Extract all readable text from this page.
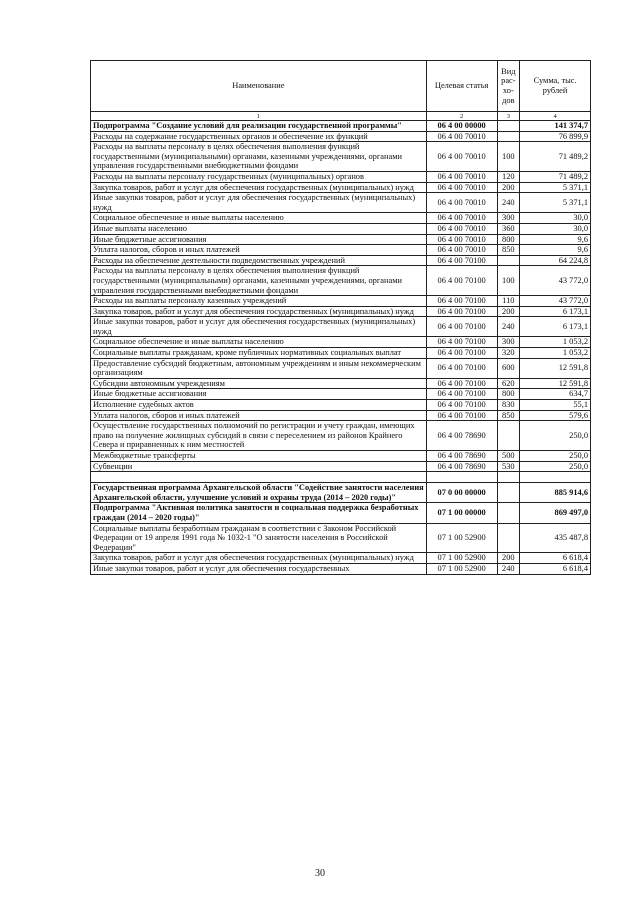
Наименование	Целевая статья	Вид рас-хо-дов	Сумма, тыс. рублей
1	2	3	4
Подпрограмма "Создание условий для реализации государственной программы"	06 4 00 00000		141 374,7
Расходы на содержание государственных органов и обеспечение их функций	06 4 00 70010		76 899,9
Расходы на выплаты персоналу в целях обеспечения выполнения функций государственными (муниципальными) органами, казенными учреждениями, органами управления государственными внебюджетными фондами	06 4 00 70010	100	71 489,2
Расходы на выплаты персоналу государственных (муниципальных) органов	06 4 00 70010	120	71 489,2
Закупка товаров, работ и услуг для обеспечения государственных (муниципальных) нужд	06 4 00 70010	200	5 371,1
Иные закупки товаров, работ и услуг для обеспечения государственных (муниципальных) нужд	06 4 00 70010	240	5 371,1
Социальное обеспечение и иные выплаты населению	06 4 00 70010	300	30,0
Иные выплаты населению	06 4 00 70010	360	30,0
Иные бюджетные ассигнования	06 4 00 70010	800	9,6
Уплата налогов, сборов и иных платежей	06 4 00 70010	850	9,6
Расходы на обеспечение деятельности подведомственных учреждений	06 4 00 70100		64 224,8
Расходы на выплаты персоналу в целях обеспечения выполнения функций государственными (муниципальными) органами, казенными учреждениями, органами управления государственными внебюджетными фондами	06 4 00 70100	100	43 772,0
Расходы на выплаты персоналу казенных учреждений	06 4 00 70100	110	43 772,0
Закупка товаров, работ и услуг для обеспечения государственных (муниципальных) нужд	06 4 00 70100	200	6 173,1
Иные закупки товаров, работ и услуг для обеспечения государственных (муниципальных) нужд	06 4 00 70100	240	6 173,1
Социальное обеспечение и иные выплаты населению	06 4 00 70100	300	1 053,2
Социальные выплаты гражданам, кроме публичных нормативных социальных выплат	06 4 00 70100	320	1 053,2
Предоставление субсидий бюджетным, автономным учреждениям и иным некоммерческим организациям	06 4 00 70100	600	12 591,8
Субсидии автономным учреждениям	06 4 00 70100	620	12 591,8
Иные бюджетные ассигнования	06 4 00 70100	800	634,7
Исполнение судебных актов	06 4 00 70100	830	55,1
Уплата налогов, сборов и иных платежей	06 4 00 70100	850	579,6
Осуществление государственных полномочий по регистрации и учету граждан, имеющих право на получение жилищных субсидий в связи с переселением из районов Крайнего Севера и приравненных к ним местностей	06 4 00 78690		250,0
Межбюджетные трансферты	06 4 00 78690	500	250,0
Субвенции	06 4 00 78690	530	250,0

Государственная программа Архангельской области "Содействие занятости населения Архангельской области, улучшение условий и охраны труда (2014 – 2020 годы)"	07 0 00 00000		885 914,6
Подпрограмма "Активная политика занятости и социальная поддержка безработных граждан (2014 – 2020 годы)"	07 1 00 00000		869 497,0
Социальные выплаты безработным гражданам в соответствии с Законом Российской Федерации от 19 апреля 1991 года № 1032-1 "О занятости населения в Российской Федерации"	07 1 00 52900		435 487,8
Закупка товаров, работ и услуг для обеспечения государственных (муниципальных) нужд	07 1 00 52900	200	6 618,4
Иные закупки товаров, работ и услуг для обеспечения государственных	07 1 00 52900	240	6 618,4
30
